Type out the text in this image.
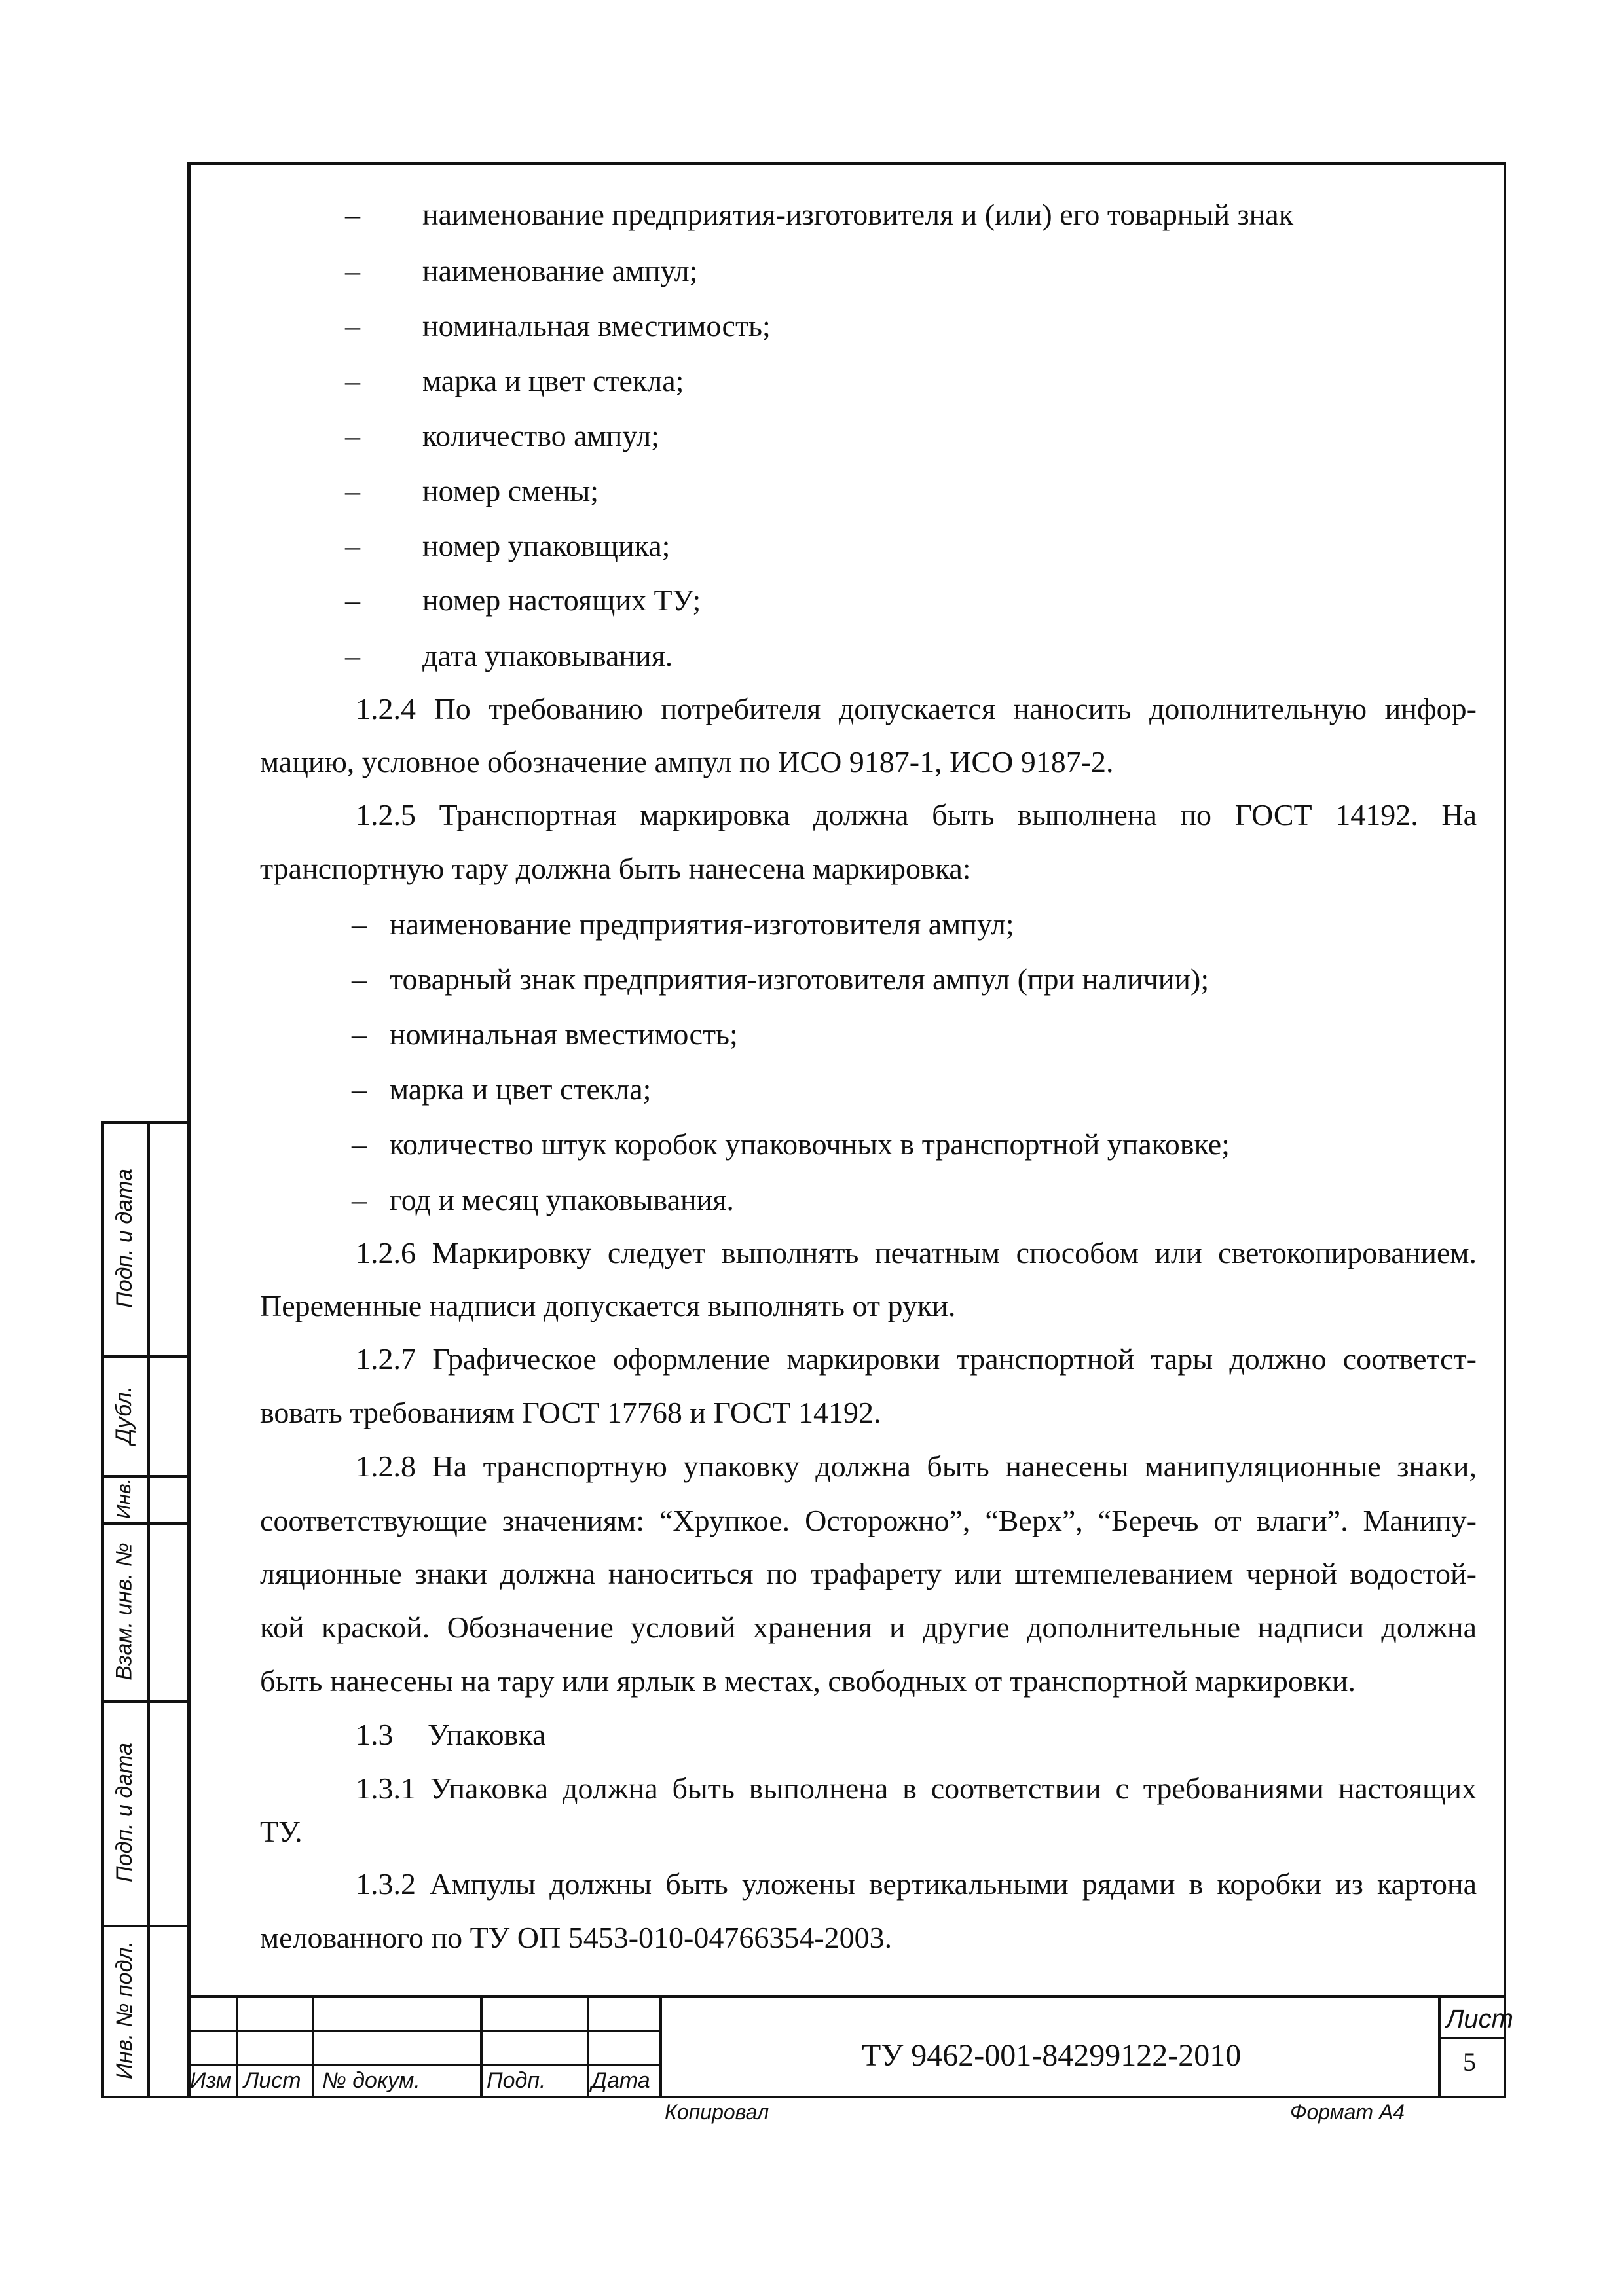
– наименование предприятия-изготовителя и (или) его товарный знак
– наименование ампул;
– номинальная вместимость;
– марка и цвет стекла;
– количество ампул;
– номер смены;
– номер упаковщика;
– номер настоящих ТУ;
– дата упаковывания.
1.2.4 По требованию потребителя допускается наносить дополнительную инфор-
мацию, условное обозначение ампул по ИСО 9187-1, ИСО 9187-2.
1.2.5 Транспортная маркировка должна быть выполнена по ГОСТ 14192. На
транспортную тару должна быть нанесена маркировка:
– наименование предприятия-изготовителя ампул;
– товарный знак предприятия-изготовителя ампул (при наличии);
– номинальная вместимость;
– марка и цвет стекла;
– количество штук коробок упаковочных в транспортной упаковке;
– год и месяц упаковывания.
1.2.6 Маркировку следует выполнять печатным способом или светокопированием.
Переменные надписи допускается выполнять от руки.
1.2.7 Графическое оформление маркировки транспортной тары должно соответст-
вовать требованиям ГОСТ 17768 и ГОСТ 14192.
1.2.8 На транспортную упаковку должна быть нанесены манипуляционные знаки,
соответствующие значениям: “Хрупкое. Осторожно”, “Верх”, “Беречь от влаги”. Манипу-
ляционные знаки должна наноситься по трафарету или штемпелеванием черной водостой-
кой краской. Обозначение условий хранения и другие дополнительные надписи должна
быть нанесены на тару или ярлык в местах, свободных от транспортной маркировки.
1.3 Упаковка
1.3.1 Упаковка должна быть выполнена в соответствии с требованиями настоящих
ТУ.
1.3.2 Ампулы должны быть уложены вертикальными рядами в коробки из картона
мелованного по ТУ ОП 5453-010-04766354-2003.
Подп. и дата
Дубл.
Инв.
Взам. инв. №
Подп. и дата
Инв. № подл.
Изм Лист № докум.	Подп. Дата
ТУ 9462-001-84299122-2010
Лист
5
Копировал	Формат А4
